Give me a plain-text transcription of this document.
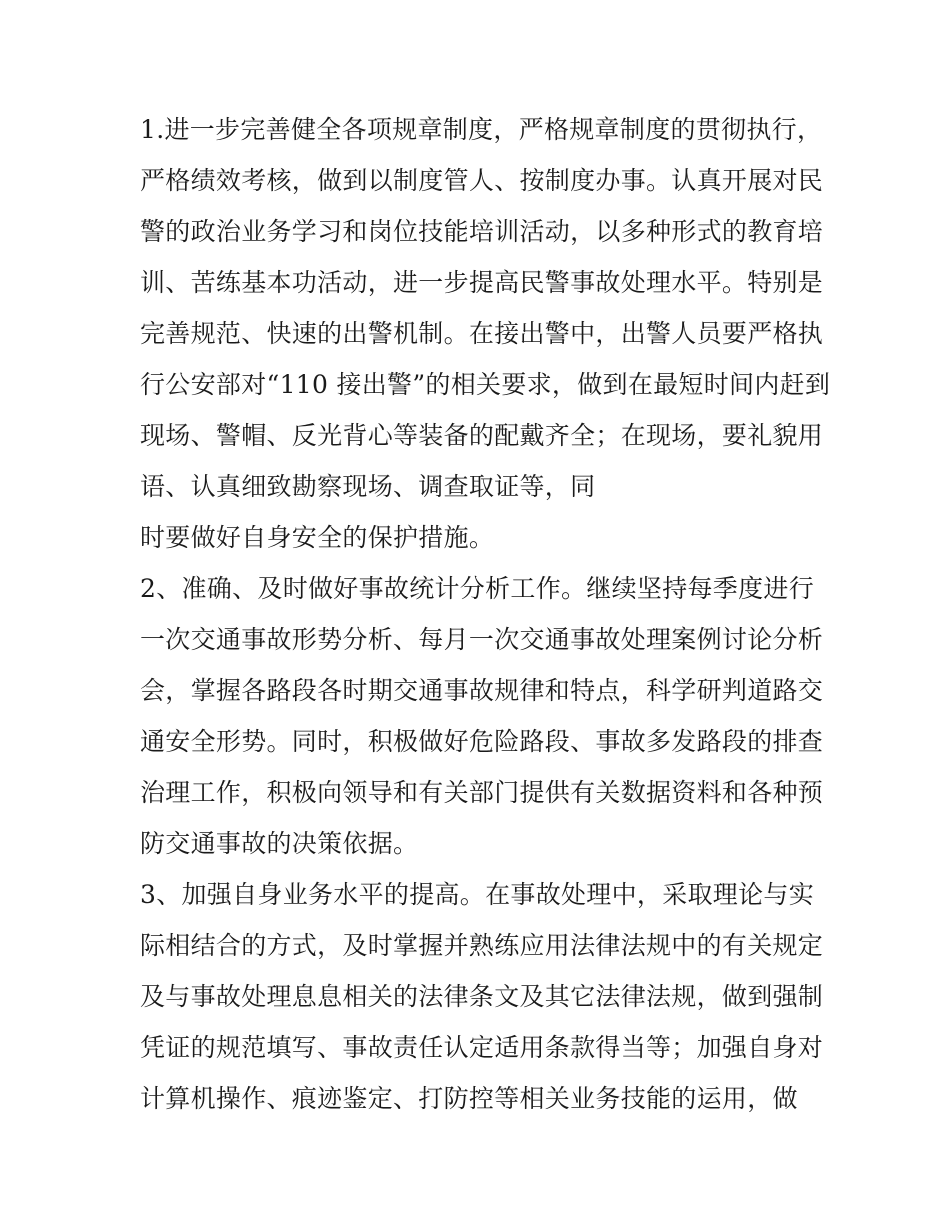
1.进一步完善健全各项规章制度，严格规章制度的贯彻执行，

严格绩效考核，做到以制度管人、按制度办事。认真开展对民

警的政治业务学习和岗位技能培训活动，以多种形式的教育培

训、苦练基本功活动，进一步提高民警事故处理水平。特别是

完善规范、快速的出警机制。在接出警中，出警人员要严格执

行公安部对“110 接出警”的相关要求，做到在最短时间内赶到

现场、警帽、反光背心等装备的配戴齐全；在现场，要礼貌用

语、认真细致勘察现场、调查取证等，同

时要做好自身安全的保护措施。

2、准确、及时做好事故统计分析工作。继续坚持每季度进行

一次交通事故形势分析、每月一次交通事故处理案例讨论分析

会，掌握各路段各时期交通事故规律和特点，科学研判道路交

通安全形势。同时，积极做好危险路段、事故多发路段的排查

治理工作，积极向领导和有关部门提供有关数据资料和各种预

防交通事故的决策依据。

3、加强自身业务水平的提高。在事故处理中，采取理论与实

际相结合的方式，及时掌握并熟练应用法律法规中的有关规定

及与事故处理息息相关的法律条文及其它法律法规，做到强制

凭证的规范填写、事故责任认定适用条款得当等；加强自身对

计算机操作、痕迹鉴定、打防控等相关业务技能的运用，做
